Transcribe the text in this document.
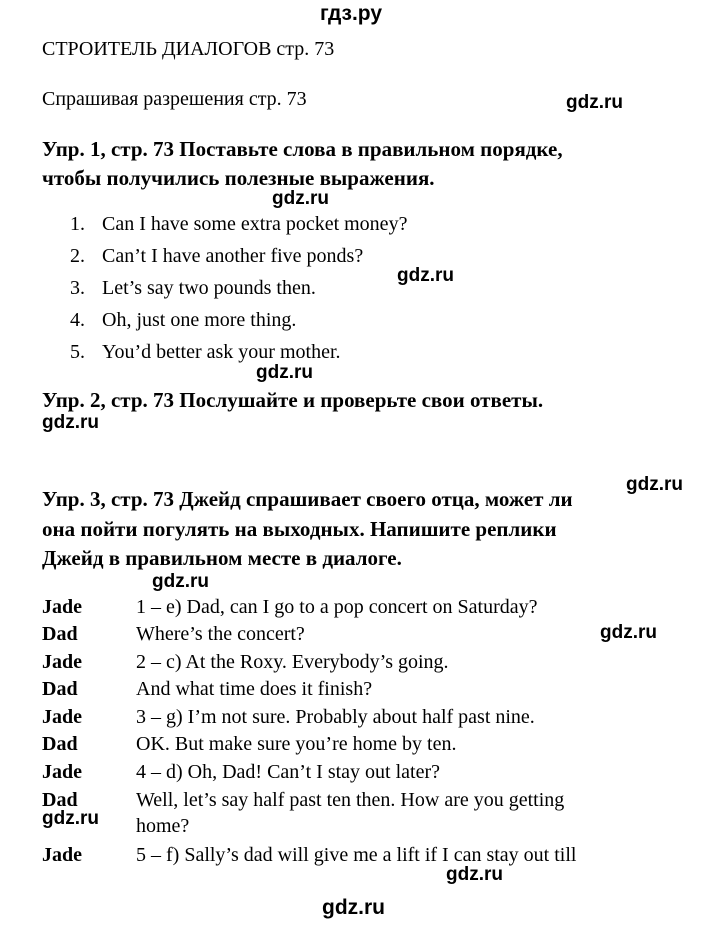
гдз.ру
СТРОИТЕЛЬ ДИАЛОГОВ стр. 73
Спрашивая разрешения стр. 73	gdz.ru
Упр. 1, стр. 73 Поставьте слова в правильном порядке,
чтобы получились полезные выражения.
gdz.ru
1. Can I have some extra pocket money?
2. Can’t I have another five ponds?
gdz.ru
3. Let’s say two pounds then.
4. Oh, just one more thing.
5. You’d better ask your mother.
gdz.ru
Упр. 2, стр. 73 Послушайте и проверьте свои ответы.
gdz.ru
gdz.ru
Упр. 3, стр. 73 Джейд спрашивает своего отца, может ли
она пойти погулять на выходных. Напишите реплики
Джейд в правильном месте в диалоге.
gdz.ru
Jade	1 – e) Dad, can I go to a pop concert on Saturday?
Dad	Where’s the concert?	gdz.ru
Jade	2 – c) At the Roxy. Everybody’s going.
Dad	And what time does it finish?
Jade	3 – g) I’m not sure. Probably about half past nine.
Dad	OK. But make sure you’re home by ten.
Jade	4 – d) Oh, Dad! Can’t I stay out later?
Dad	Well, let’s say half past ten then. How are you getting
gdz.ru home?
Jade	5 – f) Sally’s dad will give me a lift if I can stay out till
gdz.ru
gdz.ru
